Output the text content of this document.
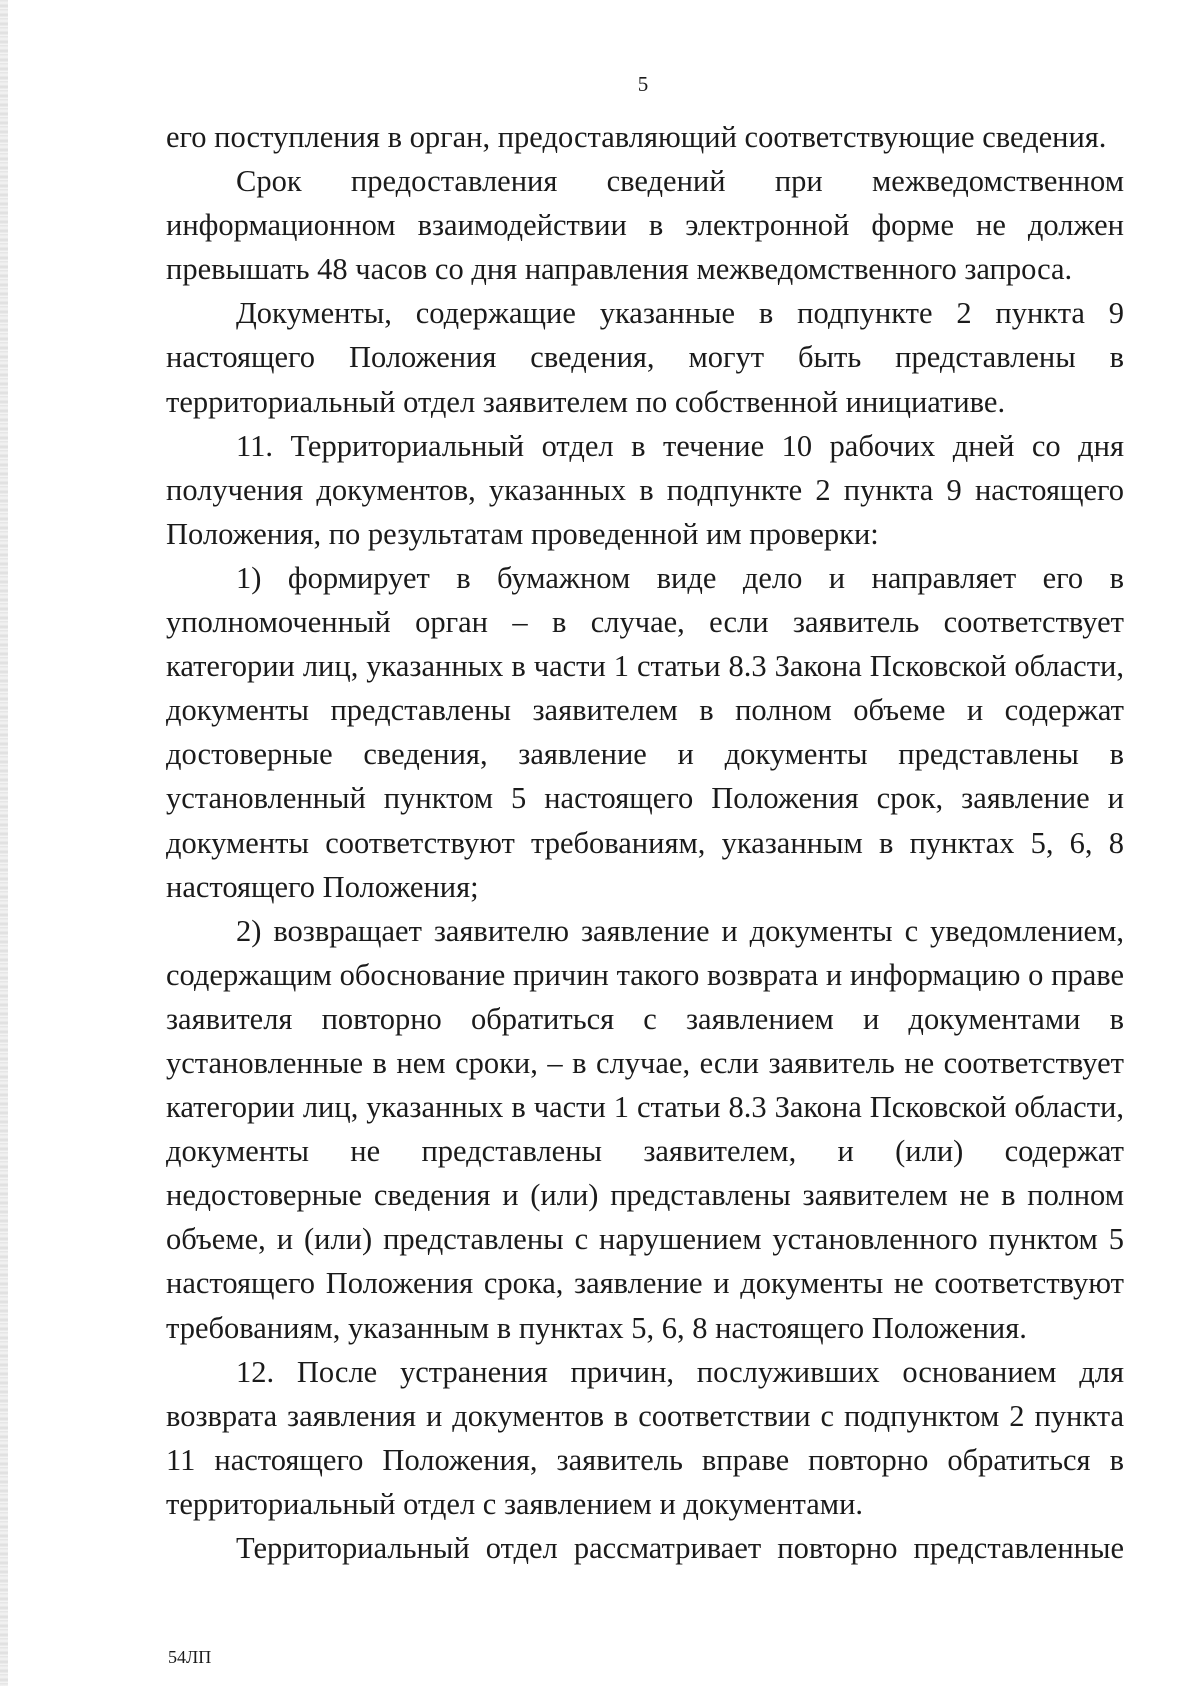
5

его поступления в орган, предоставляющий соответствующие сведения.

Срок предоставления сведений при межведомственном информационном взаимодействии в электронной форме не должен превышать 48 часов со дня направления межведомственного запроса.

Документы, содержащие указанные в подпункте 2 пункта 9 настоящего Положения сведения, могут быть представлены в территориальный отдел заявителем по собственной инициативе.

11. Территориальный отдел в течение 10 рабочих дней со дня получения документов, указанных в подпункте 2 пункта 9 настоящего Положения, по результатам проведенной им проверки:

1) формирует в бумажном виде дело и направляет его в уполномоченный орган – в случае, если заявитель соответствует категории лиц, указанных в части 1 статьи 8.3 Закона Псковской области, документы представлены заявителем в полном объеме и содержат достоверные сведения, заявление и документы представлены в установленный пунктом 5 настоящего Положения срок, заявление и документы соответствуют требованиям, указанным в пунктах 5, 6, 8 настоящего Положения;

2) возвращает заявителю заявление и документы с уведомлением, содержащим обоснование причин такого возврата и информацию о праве заявителя повторно обратиться с заявлением и документами в установленные в нем сроки, – в случае, если заявитель не соответствует категории лиц, указанных в части 1 статьи 8.3 Закона Псковской области, документы не представлены заявителем, и (или) содержат недостоверные сведения и (или) представлены заявителем не в полном объеме, и (или) представлены с нарушением установленного пунктом 5 настоящего Положения срока, заявление и документы не соответствуют требованиям, указанным в пунктах 5, 6, 8 настоящего Положения.

12. После устранения причин, послуживших основанием для возврата заявления и документов в соответствии с подпунктом 2 пункта 11 настоящего Положения, заявитель вправе повторно обратиться в территориальный отдел с заявлением и документами.

Территориальный отдел рассматривает повторно представленные

54ЛП
